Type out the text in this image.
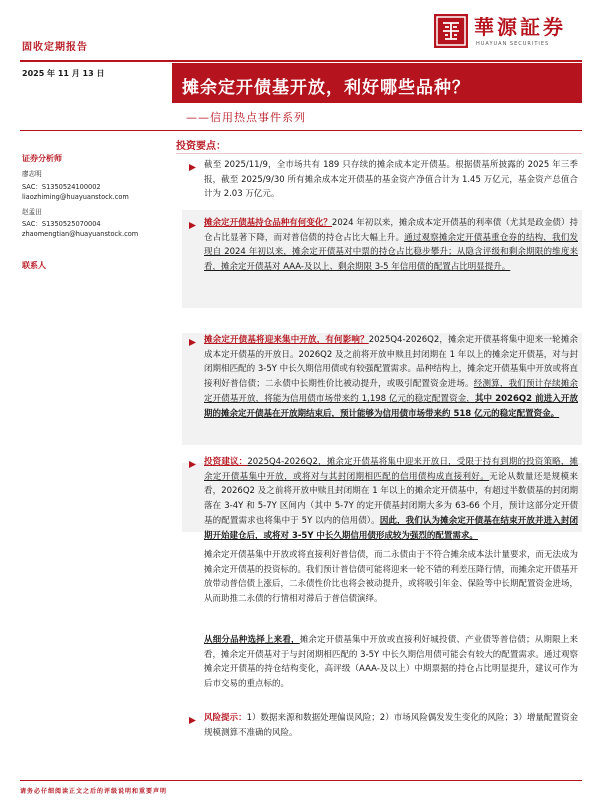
固收定期报告
華源証券
HUAYUAN SECURITIES
2025 年 11 月 13 日
摊余定开债基开放，利好哪些品种？
——信用热点事件系列
证券分析师
廖志明
SAC：S1350524100002
liaozhiming@huayuanstock.com
赵孟田
SAC：S1350525070004
zhaomengtian@huayuanstock.com
联系人
投资要点：

截至 2025/11/9，全市场共有 189 只存续的摊余成本定开债基。根据债基所披露的 2025 年三季报，截至 2025/9/30 所有摊余成本定开债基的基金资产净值合计为 1.45 万亿元，基金资产总值合计为 2.03 万亿元。

摊余定开债基持仓品种有何变化？2024 年初以来，摊余成本定开债基的利率债（尤其是政金债）持仓占比显著下降，而对普信债的持仓占比大幅上升。通过观察摊余定开债基重仓券的结构，我们发现自 2024 年初以来，摊余定开债基对中票的持仓占比稳步攀升；从隐含评级和剩余期限的维度来看，摊余定开债基对 AAA-及以上、剩余期限 3-5 年信用债的配置占比明显提升。

摊余定开债基将迎来集中开放，有何影响？2025Q4-2026Q2，摊余定开债基将集中迎来一轮摊余成本定开债基的开放日。2026Q2 及之前将开放申赎且封闭期在 1 年以上的摊余定开债基，对与封闭期相匹配的 3-5Y 中长久期信用债或有较强配置需求。品种结构上，摊余定开债基集中开放或将直接利好普信债；二永债中长期性价比被动提升，或吸引配置资金进场。经测算，我们预计存续摊余定开债基开放，将能为信用债市场带来约 1,198 亿元的稳定配置资金，其中 2026Q2 前进入开放期的摊余定开债基在开放期结束后，预计能够为信用债市场带来约 518 亿元的稳定配置资金。

投资建议：2025Q4-2026Q2，摊余定开债基将集中迎来开放日，受限于持有到期的投资策略，摊余定开债基集中开放，或将对与其封闭期相匹配的信用债构成直接利好。无论从数量还是规模来看，2026Q2 及之前将开放申赎且封闭期在 1 年以上的摊余定开债基中，有超过半数债基的封闭期落在 3-4Y 和 5-7Y 区间内（其中 5-7Y 的定开债基封闭期大多为 63-66 个月，预计这部分定开债基的配置需求也将集中于 5Y 以内的信用债）。因此，我们认为摊余定开债基在结束开放并进入封闭期开始建仓后，或将对 3-5Y 中长久期信用债形成较为强烈的配置需求。

摊余定开债基集中开放或将直接利好普信债，而二永债由于不符合摊余成本法计量要求，而无法成为摊余定开债基的投资标的。我们预计普信债可能将迎来一轮不错的利差压降行情，而摊余定开债基开放带动普信债上涨后，二永债性价比也将会被动提升，或将吸引年金、保险等中长期配置资金进场，从而助推二永债的行情相对滞后于普信债演绎。

从细分品种选择上来看，摊余定开债基集中开放或直接利好城投债、产业债等普信债；从期限上来看，摊余定开债基对于与封闭期相匹配的 3-5Y 中长久期信用债可能会有较大的配置需求。通过观察摊余定开债基的持仓结构变化，高评级（AAA-及以上）中期票据的持仓占比明显提升，建议可作为后市交易的重点标的。

风险提示：1）数据来源和数据处理偏误风险；2）市场风险偶发发生变化的风险；3）增量配置资金规模测算不准确的风险。

请务必仔细阅读正文之后的评级说明和重要声明
